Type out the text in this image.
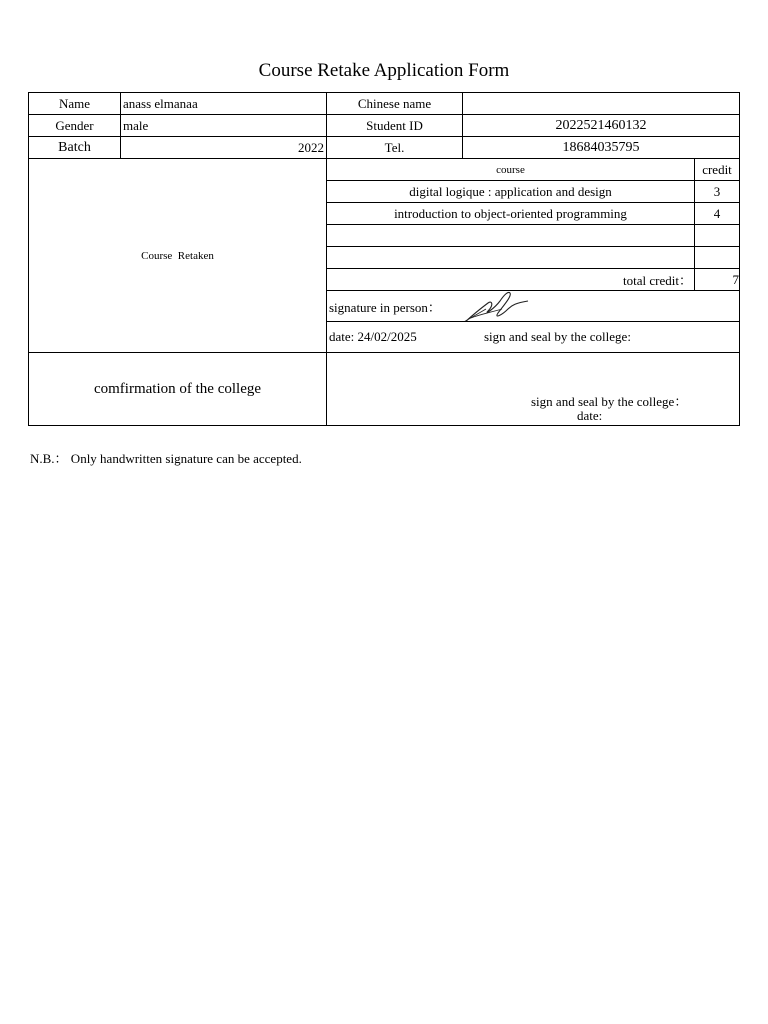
Course Retake Application Form
Name	anass elmanaa	Chinese name		
Gender	male	Student ID	2022521460132	
Batch	2022	Tel.	18684035795	
Course  Retaken		course		credit
		digital logique : application and design		3
		introduction to object-oriented programming		4

		total credit：		7
		signature in person：		

		date: 24/02/2025 sign and seal by the college:		
comfirmation of the college		sign and seal by the college：
date:		
N.B.： Only handwritten signature can be accepted.
